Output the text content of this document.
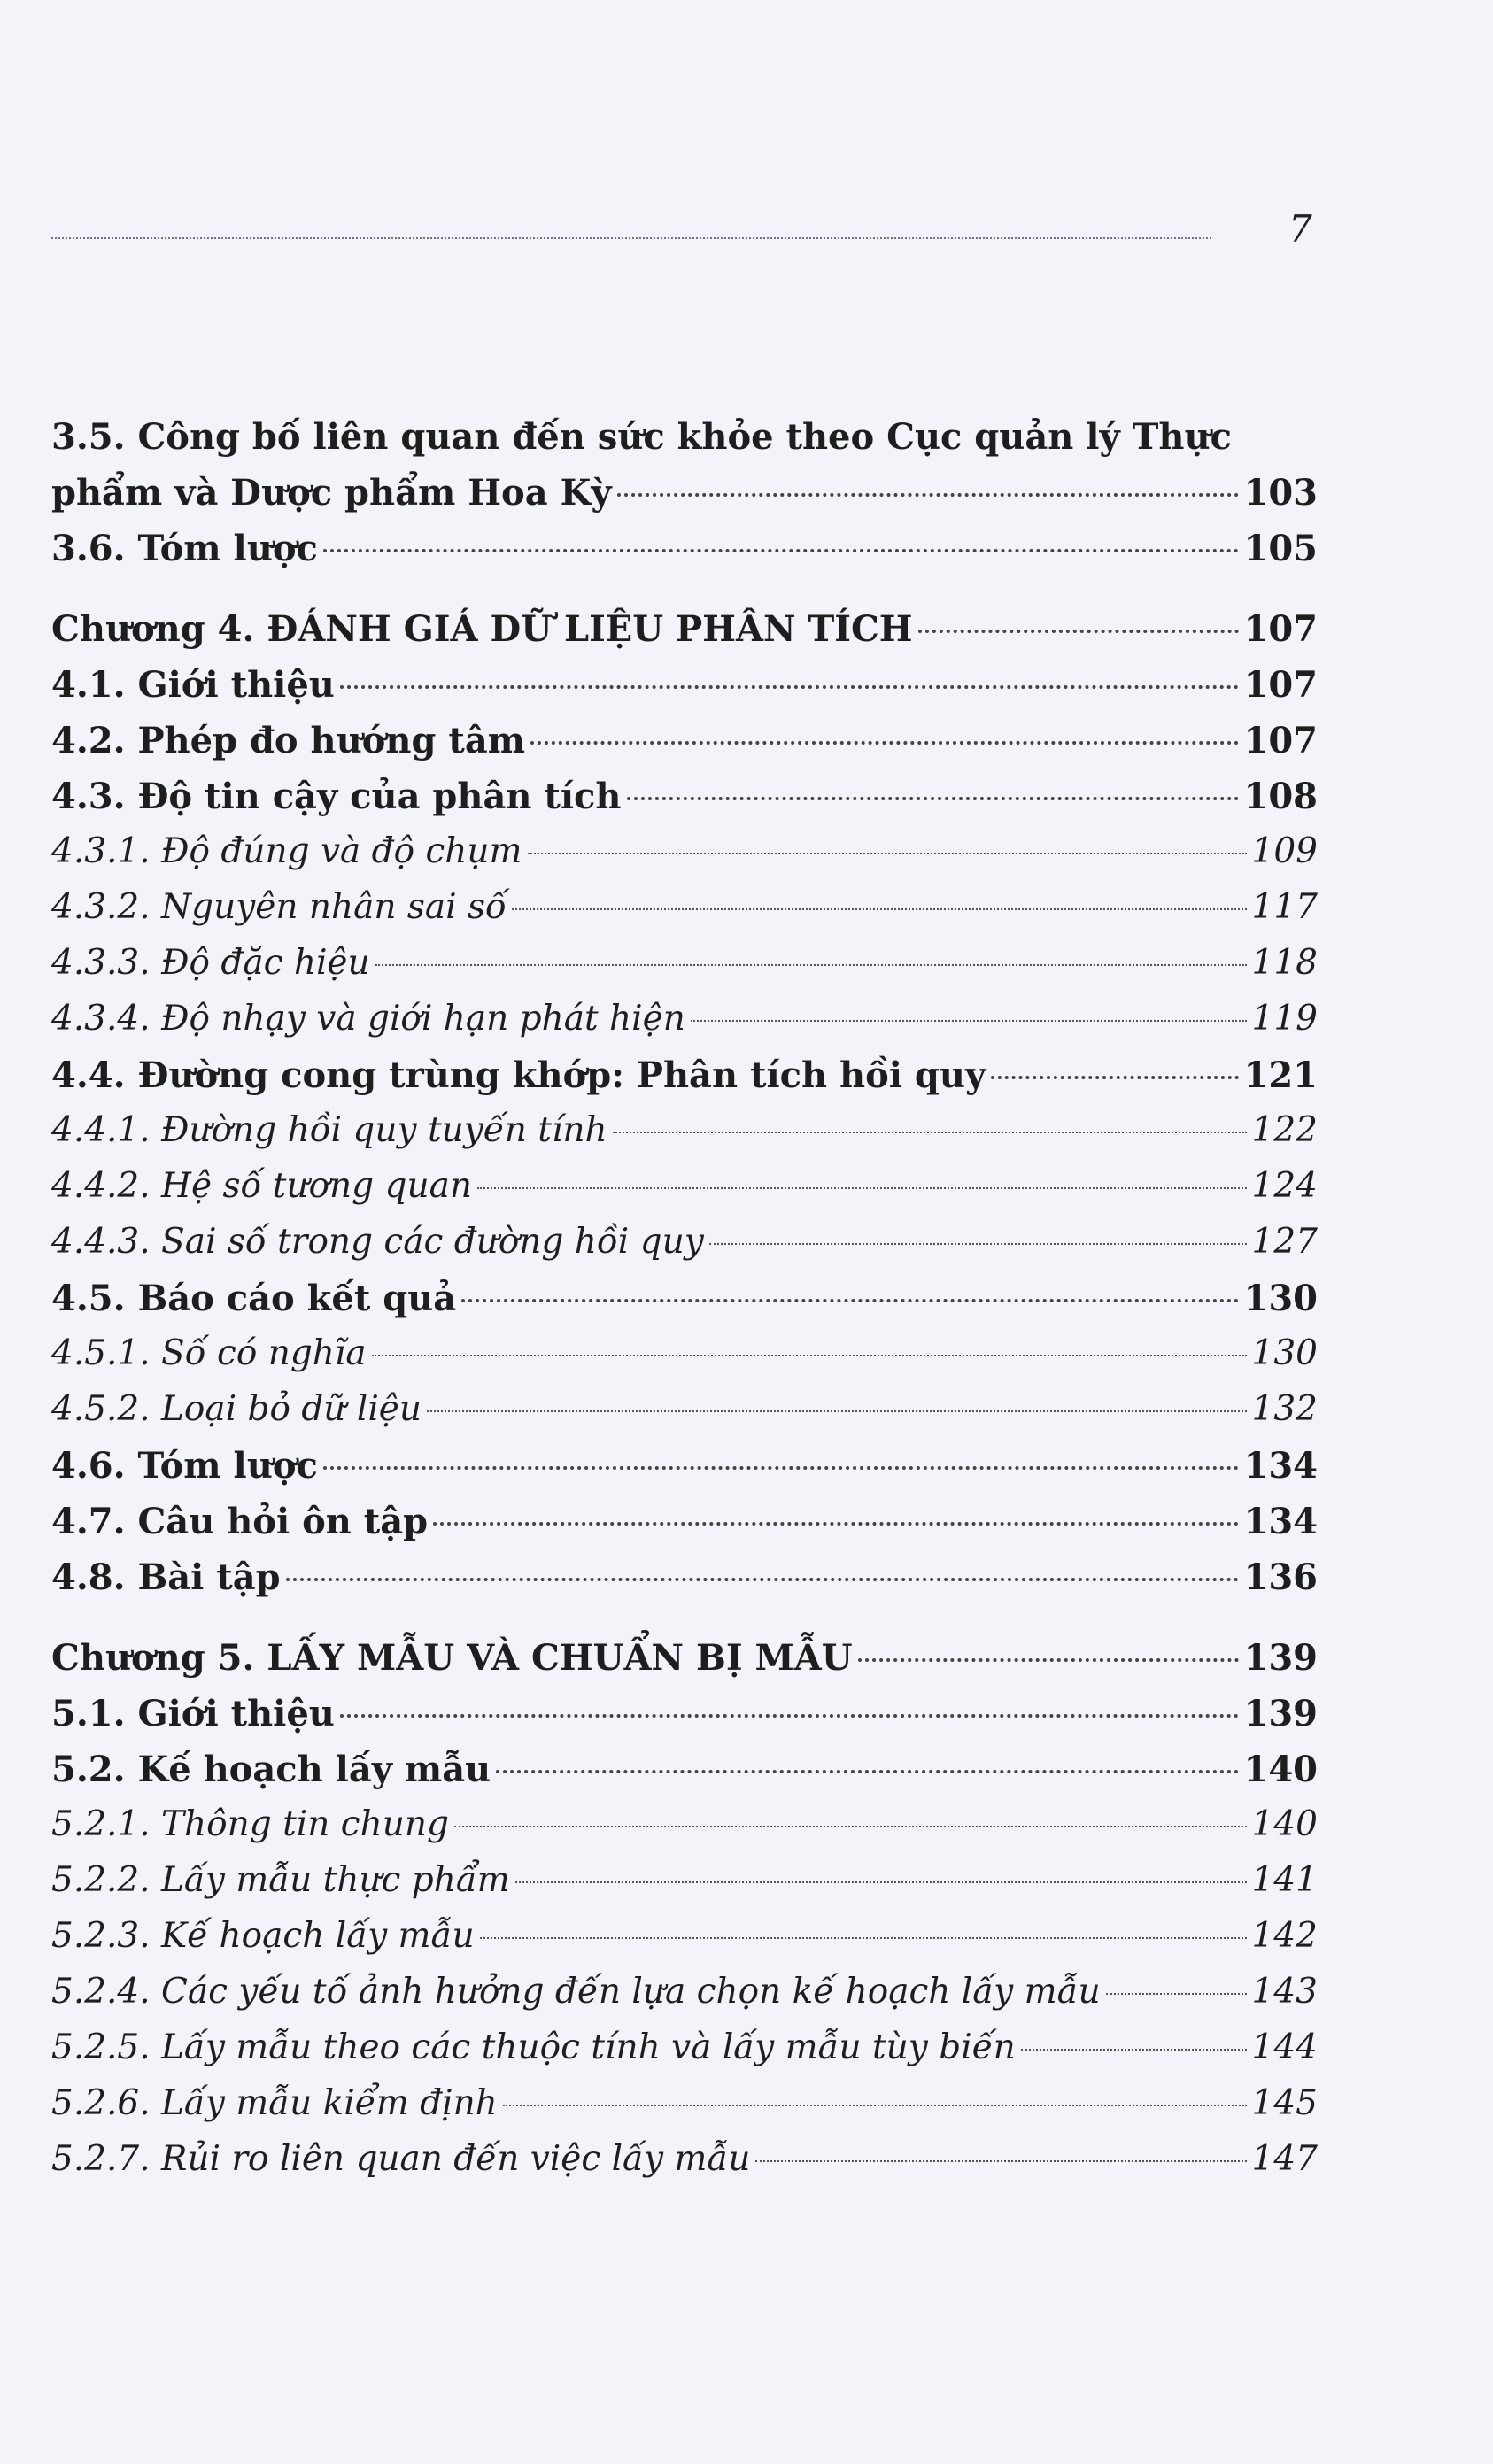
7
3.5. Công bố liên quan đến sức khỏe theo Cục quản lý Thực
phẩm và Dược phẩm Hoa Kỳ	103
3.6. Tóm lược	105
Chương 4. ĐÁNH GIÁ DỮ LIỆU PHÂN TÍCH	107
4.1. Giới thiệu	107
4.2. Phép đo hướng tâm	107
4.3. Độ tin cậy của phân tích	108
4.3.1. Độ đúng và độ chụm	109
4.3.2. Nguyên nhân sai số	117
4.3.3. Độ đặc hiệu	118
4.3.4. Độ nhạy và giới hạn phát hiện	119
4.4. Đường cong trùng khớp: Phân tích hồi quy	121
4.4.1. Đường hồi quy tuyến tính	122
4.4.2. Hệ số tương quan	124
4.4.3. Sai số trong các đường hồi quy	127
4.5. Báo cáo kết quả	130
4.5.1. Số có nghĩa	130
4.5.2. Loại bỏ dữ liệu	132
4.6. Tóm lược	134
4.7. Câu hỏi ôn tập	134
4.8. Bài tập	136
Chương 5. LẤY MẪU VÀ CHUẨN BỊ MẪU	139
5.1. Giới thiệu	139
5.2. Kế hoạch lấy mẫu	140
5.2.1. Thông tin chung	140
5.2.2. Lấy mẫu thực phẩm	141
5.2.3. Kế hoạch lấy mẫu	142
5.2.4. Các yếu tố ảnh hưởng đến lựa chọn kế hoạch lấy mẫu	143
5.2.5. Lấy mẫu theo các thuộc tính và lấy mẫu tùy biến	144
5.2.6. Lấy mẫu kiểm định	145
5.2.7. Rủi ro liên quan đến việc lấy mẫu	147
